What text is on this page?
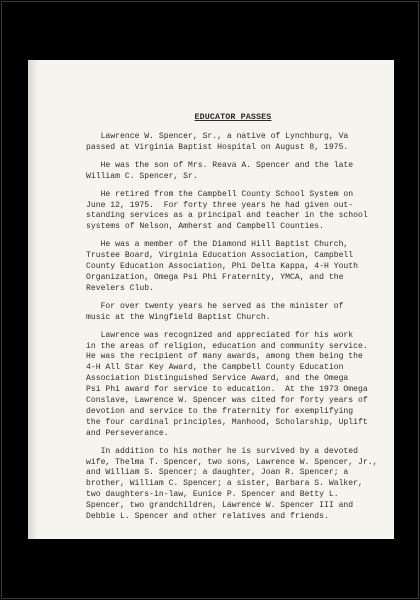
EDUCATOR PASSES

Lawrence W. Spencer, Sr., a native of Lynchburg, Va
passed at Virginia Baptist Hospital on August 8, 1975.

He was the son of Mrs. Reava A. Spencer and the late
William C. Spencer, Sr.

He retired from the Campbell County School System on
June 12, 1975.  For forty three years he had given out-
standing services as a principal and teacher in the school
systems of Nelson, Amherst and Campbell Counties.

He was a member of the Diamond Hill Baptist Church,
Trustee Board, Virginia Education Association, Campbell
County Education Association, Phi Delta Kappa, 4-H Youth
Organization, Omega Psi Phi Fraternity, YMCA, and the
Revelers Club.

For over twenty years he served as the minister of
music at the Wingfield Baptist Church.

Lawrence was recognized and appreciated for his work
in the areas of religion, education and community service.
He was the recipient of many awards, among them being the
4-H All Star Key Award, the Campbell County Education
Association Distinguished Service Award, and the Omega
Psi Phi award for service to education.  At the 1973 Omega
Conslave, Lawrence W. Spencer was cited for forty years of
devotion and service to the fraternity for exemplifying
the four cardinal principles, Manhood, Scholarship, Uplift
and Perseverance.

In addition to his mother he is survived by a devoted
wife, Thelma T. Spencer, two sons, Lawrence W. Spencer, Jr.,
and William S. Spencer; a daughter, Joan R. Spencer; a
brother, William C. Spencer; a sister, Barbara S. Walker,
two daughters-in-law, Eunice P. Spencer and Betty L.
Spencer, two grandchildren, Lawrence W. Spencer III and
Debbie L. Spencer and other relatives and friends.
